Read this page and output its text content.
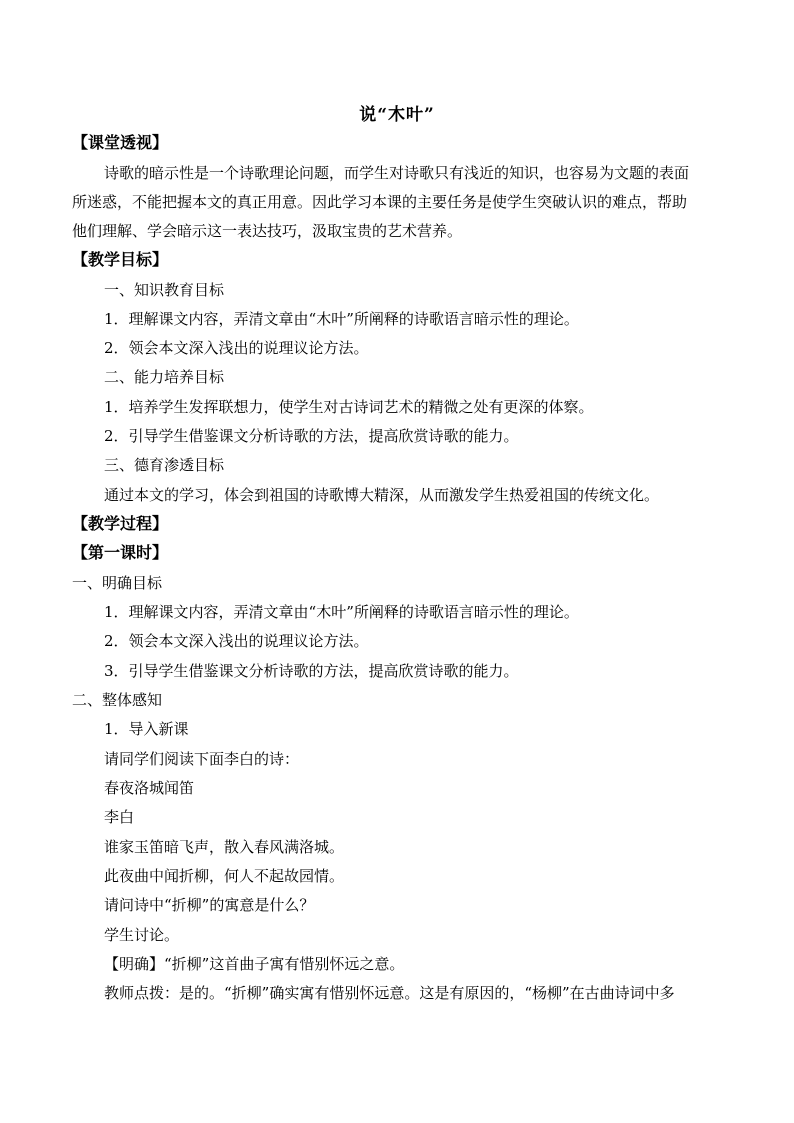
说“木叶”
【课堂透视】
诗歌的暗示性是一个诗歌理论问题，而学生对诗歌只有浅近的知识，也容易为文题的表面
所迷惑，不能把握本文的真正用意。因此学习本课的主要任务是使学生突破认识的难点，帮助
他们理解、学会暗示这一表达技巧，汲取宝贵的艺术营养。
【教学目标】
一、知识教育目标
1．理解课文内容，弄清文章由“木叶”所阐释的诗歌语言暗示性的理论。
2．领会本文深入浅出的说理议论方法。
二、能力培养目标
1．培养学生发挥联想力，使学生对古诗词艺术的精微之处有更深的体察。
2．引导学生借鉴课文分析诗歌的方法，提高欣赏诗歌的能力。
三、德育渗透目标
通过本文的学习，体会到祖国的诗歌博大精深，从而激发学生热爱祖国的传统文化。
【教学过程】
【第一课时】
一、明确目标
1．理解课文内容，弄清文章由“木叶”所阐释的诗歌语言暗示性的理论。
2．领会本文深入浅出的说理议论方法。
3．引导学生借鉴课文分析诗歌的方法，提高欣赏诗歌的能力。
二、整体感知
1．导入新课
请同学们阅读下面李白的诗：
春夜洛城闻笛
李白
谁家玉笛暗飞声，散入春风满洛城。
此夜曲中闻折柳，何人不起故园情。
请问诗中“折柳”的寓意是什么？
学生讨论。
【明确】“折柳”这首曲子寓有惜别怀远之意。
教师点拨：是的。“折柳”确实寓有惜别怀远意。这是有原因的，“杨柳”在古曲诗词中多
